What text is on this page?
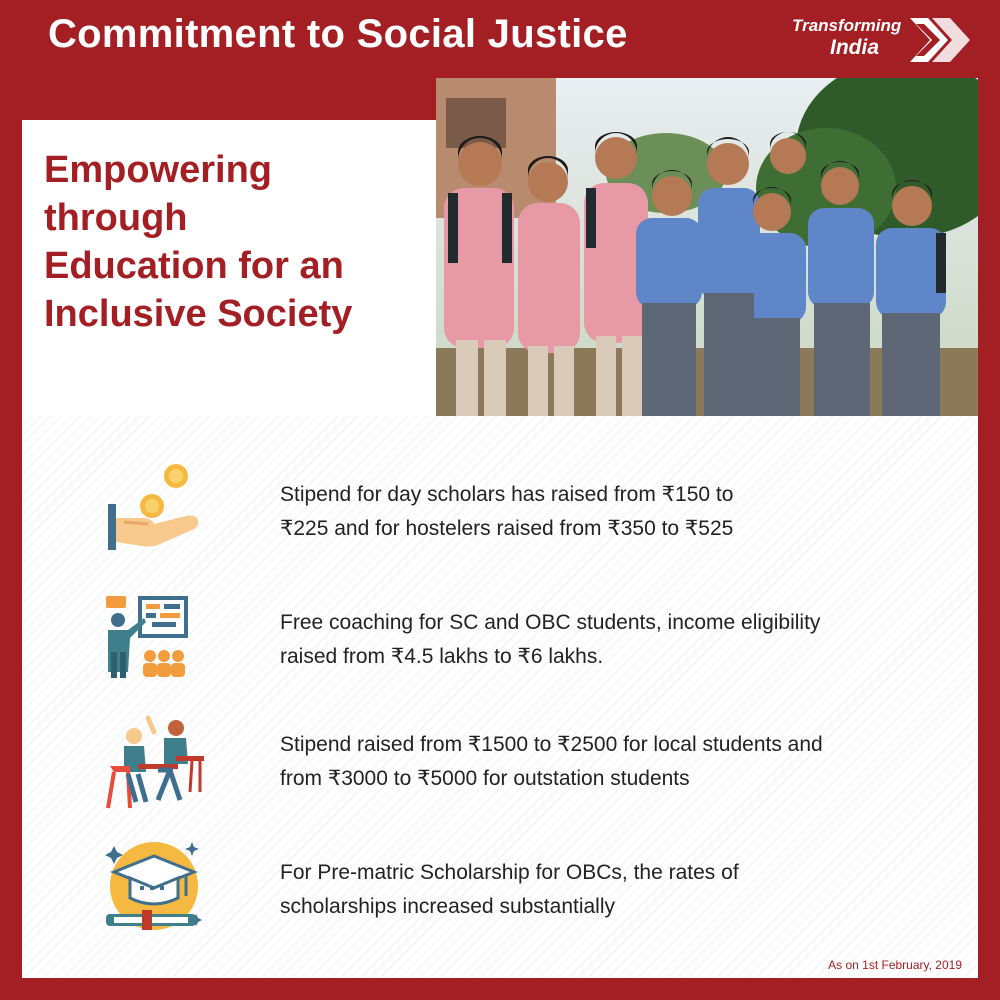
Commitment to Social Justice	Transforming
India
Empowering
through
Education for an
Inclusive Society
Stipend for day scholars has raised from ₹150 to
₹225 and for hostelers raised from ₹350 to ₹525
Free coaching for SC and OBC students, income eligibility
raised from ₹4.5 lakhs to ₹6 lakhs.
Stipend raised from ₹1500 to ₹2500 for local students and
from ₹3000 to ₹5000 for outstation students
For Pre-matric Scholarship for OBCs, the rates of
scholarships increased substantially
As on 1st February, 2019
